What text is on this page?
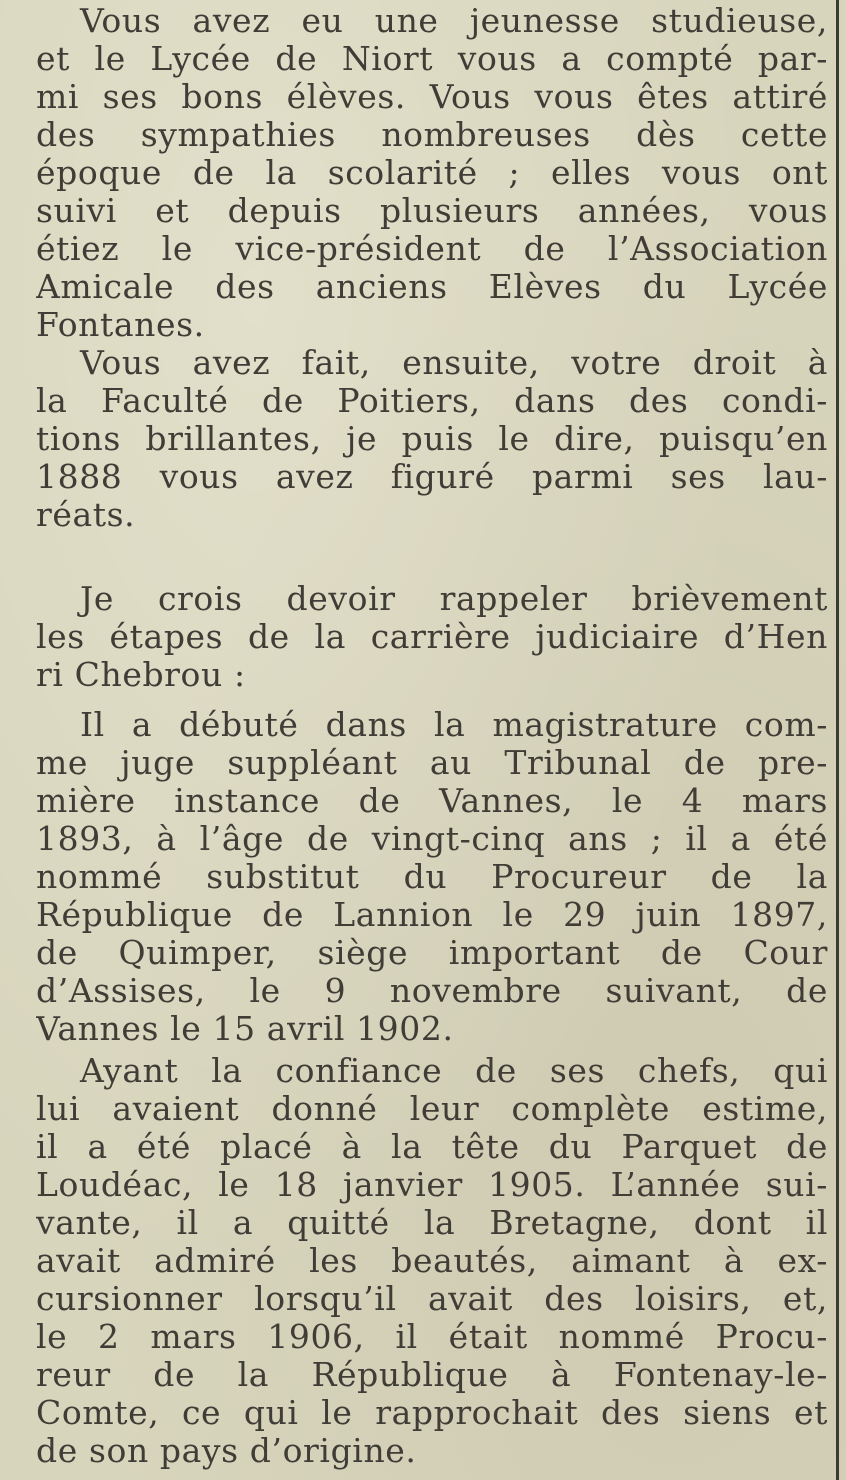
Vous avez eu une jeunesse studieuse,
et le Lycée de Niort vous a compté par-
mi ses bons élèves. Vous vous êtes attiré
des sympathies nombreuses dès cette
époque de la scolarité ; elles vous ont
suivi et depuis plusieurs années, vous
étiez le vice-président de l’Association
Amicale des anciens Elèves du Lycée
Fontanes.
Vous avez fait, ensuite, votre droit à
la Faculté de Poitiers, dans des condi-
tions brillantes, je puis le dire, puisqu’en
1888 vous avez figuré parmi ses lau-
réats.
Je crois devoir rappeler brièvement
les étapes de la carrière judiciaire d’Hen
ri Chebrou :
Il a débuté dans la magistrature com-
me juge suppléant au Tribunal de pre-
mière instance de Vannes, le 4 mars
1893, à l’âge de vingt-cinq ans ; il a été
nommé substitut du Procureur de la
République de Lannion le 29 juin 1897,
de Quimper, siège important de Cour
d’Assises, le 9 novembre suivant, de
Vannes le 15 avril 1902.
Ayant la confiance de ses chefs, qui
lui avaient donné leur complète estime,
il a été placé à la tête du Parquet de
Loudéac, le 18 janvier 1905. L’année sui-
vante, il a quitté la Bretagne, dont il
avait admiré les beautés, aimant à ex-
cursionner lorsqu’il avait des loisirs, et,
le 2 mars 1906, il était nommé Procu-
reur de la République à Fontenay-le-
Comte, ce qui le rapprochait des siens et
de son pays d’origine.
